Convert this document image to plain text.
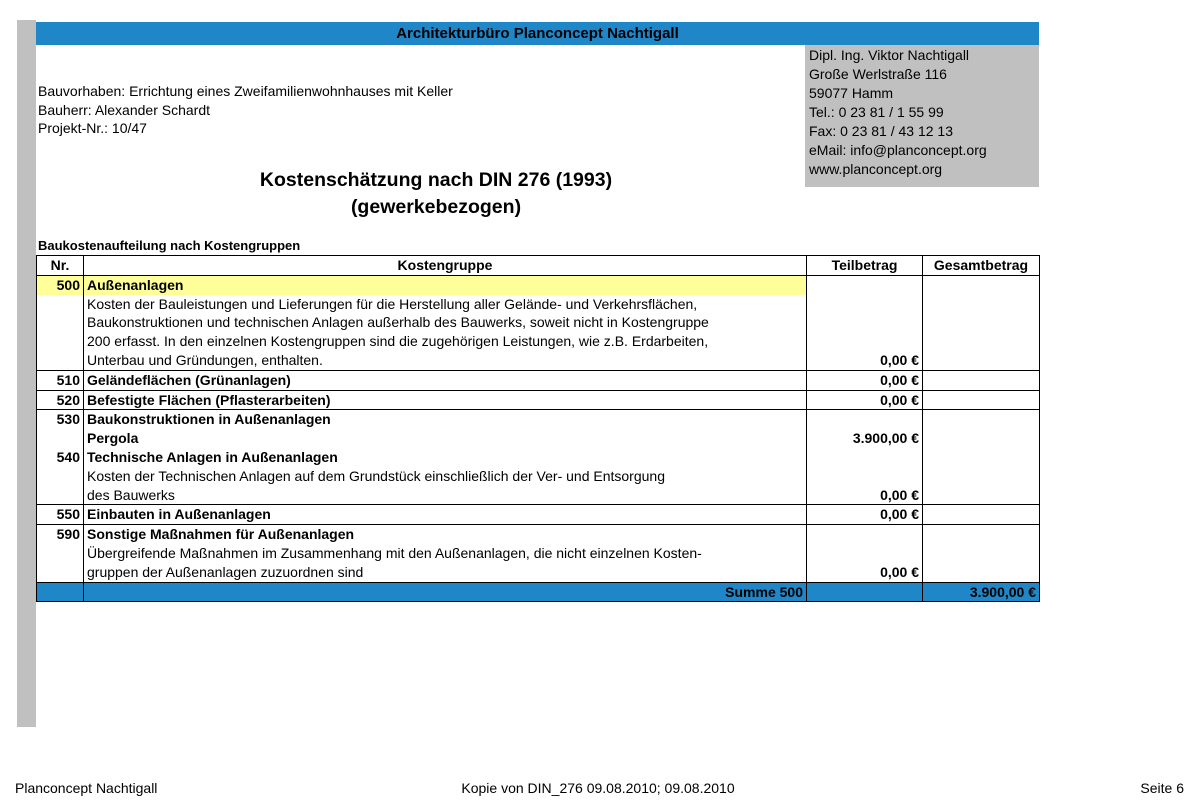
Architekturbüro Planconcept Nachtigall
Dipl. Ing. Viktor Nachtigall
Große Werlstraße 116
59077 Hamm
Tel.: 0 23 81 / 1 55 99
Fax: 0 23 81 / 43 12 13
eMail: info@planconcept.org
www.planconcept.org
Bauvorhaben: Errichtung eines Zweifamilienwohnhauses mit Keller
Bauherr: Alexander Schardt
Projekt-Nr.: 10/47
Kostenschätzung nach DIN 276 (1993)
(gewerkebezogen)
Baukostenaufteilung nach Kostengruppen
Nr.	Kostengruppe	Teilbetrag	Gesamtbetrag
500	Außenanlagen		
	Kosten der Bauleistungen und Lieferungen für die Herstellung aller Gelände- und Verkehrsflächen,		
	Baukonstruktionen und technischen Anlagen außerhalb des Bauwerks, soweit nicht in Kostengruppe		
	200 erfasst. In den einzelnen Kostengruppen sind die zugehörigen Leistungen, wie z.B. Erdarbeiten,		
	Unterbau und Gründungen, enthalten.	0,00 €	
510	Geländeflächen (Grünanlagen)	0,00 €	
520	Befestigte Flächen (Pflasterarbeiten)	0,00 €	
530	Baukonstruktionen in Außenanlagen		
	Pergola	3.900,00 €	
540	Technische Anlagen in Außenanlagen		
	Kosten der Technischen Anlagen auf dem Grundstück einschließlich der Ver- und Entsorgung		
	des Bauwerks	0,00 €	
550	Einbauten in Außenanlagen	0,00 €	
590	Sonstige Maßnahmen für Außenanlagen		
	Übergreifende Maßnahmen im Zusammenhang mit den Außenanlagen, die nicht einzelnen Kosten-		
	gruppen der Außenanlagen zuzuordnen sind	0,00 €	
	Summe 500		3.900,00 €
Planconcept Nachtigall	Kopie von DIN_276 09.08.2010; 09.08.2010	Seite 6
